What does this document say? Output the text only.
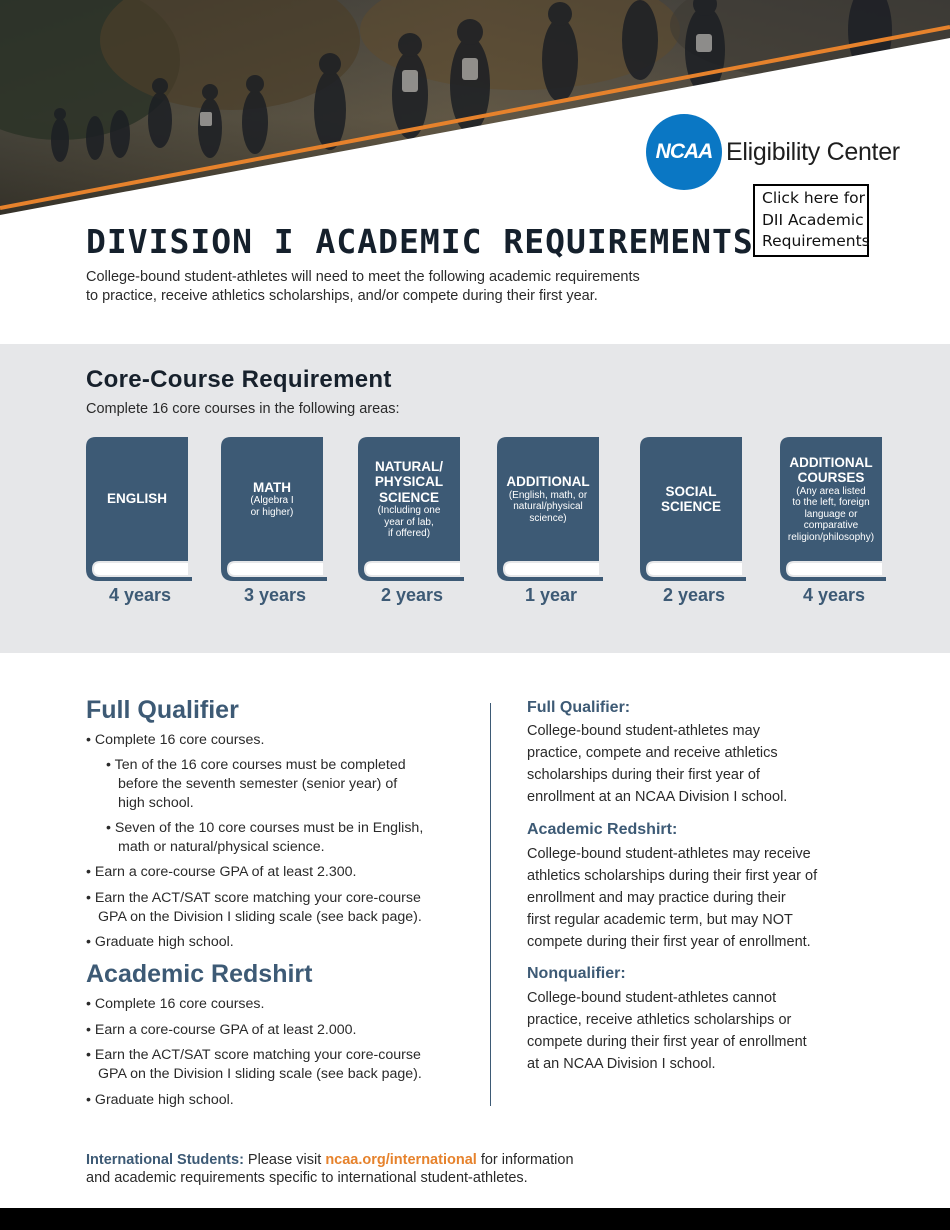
NCAA Eligibility Center
Click here for
DII Academic
Requirements
DIVISION I ACADEMIC REQUIREMENTS
College-bound student-athletes will need to meet the following academic requirements
to practice, receive athletics scholarships, and/or compete during their first year.
Core-Course Requirement
Complete 16 core courses in the following areas:
ENGLISH
4 years
MATH
(Algebra I
or higher)
3 years
NATURAL/
PHYSICAL
SCIENCE
(Including one
year of lab,
if offered)
2 years
ADDITIONAL
(English, math, or
natural/physical
science)
1 year
SOCIAL
SCIENCE
2 years
ADDITIONAL
COURSES
(Any area listed
to the left, foreign
language or
comparative
religion/philosophy)
4 years
Full Qualifier
• Complete 16 core courses.
• Ten of the 16 core courses must be completed
before the seventh semester (senior year) of
high school.
• Seven of the 10 core courses must be in English,
math or natural/physical science.
• Earn a core-course GPA of at least 2.300.
• Earn the ACT/SAT score matching your core-course
GPA on the Division I sliding scale (see back page).
• Graduate high school.
Academic Redshirt
• Complete 16 core courses.
• Earn a core-course GPA of at least 2.000.
• Earn the ACT/SAT score matching your core-course
GPA on the Division I sliding scale (see back page).
• Graduate high school.
Full Qualifier:
College-bound student-athletes may
practice, compete and receive athletics
scholarships during their first year of
enrollment at an NCAA Division I school.
Academic Redshirt:
College-bound student-athletes may receive
athletics scholarships during their first year of
enrollment and may practice during their
first regular academic term, but may NOT
compete during their first year of enrollment.
Nonqualifier:
College-bound student-athletes cannot
practice, receive athletics scholarships or
compete during their first year of enrollment
at an NCAA Division I school.
International Students: Please visit ncaa.org/international for information
and academic requirements specific to international student-athletes.
